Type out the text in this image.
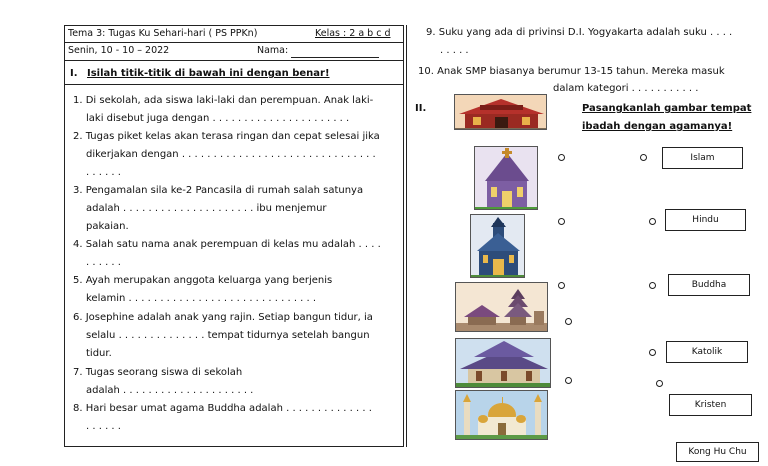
Tema 3: Tugas Ku Sehari-hari ( PS PPKn)	Kelas : 2 a b c d
Senin, 10 - 10 – 2022	Nama:
I. Isilah titik-titik di bawah ini dengan benar!
1. Di sekolah, ada siswa laki-laki dan perempuan. Anak laki-
laki disebut juga dengan . . . . . . . . . . . . . . . . . . . . . .
2. Tugas piket kelas akan terasa ringan dan cepat selesai jika
dikerjakan dengan . . . . . . . . . . . . . . . . . . . . . . . . . . . . . . .
. . . . . .
3. Pengamalan sila ke-2 Pancasila di rumah salah satunya
adalah . . . . . . . . . . . . . . . . . . . . . ibu menjemur
pakaian.
4. Salah satu nama anak perempuan di kelas mu adalah . . . .
. . . . . .
5. Ayah merupakan anggota keluarga yang berjenis
kelamin . . . . . . . . . . . . . . . . . . . . . . . . . . . . . .
6. Josephine adalah anak yang rajin. Setiap bangun tidur, ia
selalu . . . . . . . . . . . . . . tempat tidurnya setelah bangun
tidur.
7. Tugas seorang siswa di sekolah
adalah . . . . . . . . . . . . . . . . . . . . .
8. Hari besar umat agama Buddha adalah . . . . . . . . . . . . . .
. . . . . .
9. Suku yang ada di privinsi D.I. Yogyakarta adalah suku . . . .
. . . . .
10. Anak SMP biasanya berumur 13-15 tahun. Mereka masuk
dalam kategori . . . . . . . . . . .
II.	Pasangkanlah gambar tempat
ibadah dengan agamanya!
Islam
Hindu
Buddha
Katolik
Kristen
Kong Hu Chu
